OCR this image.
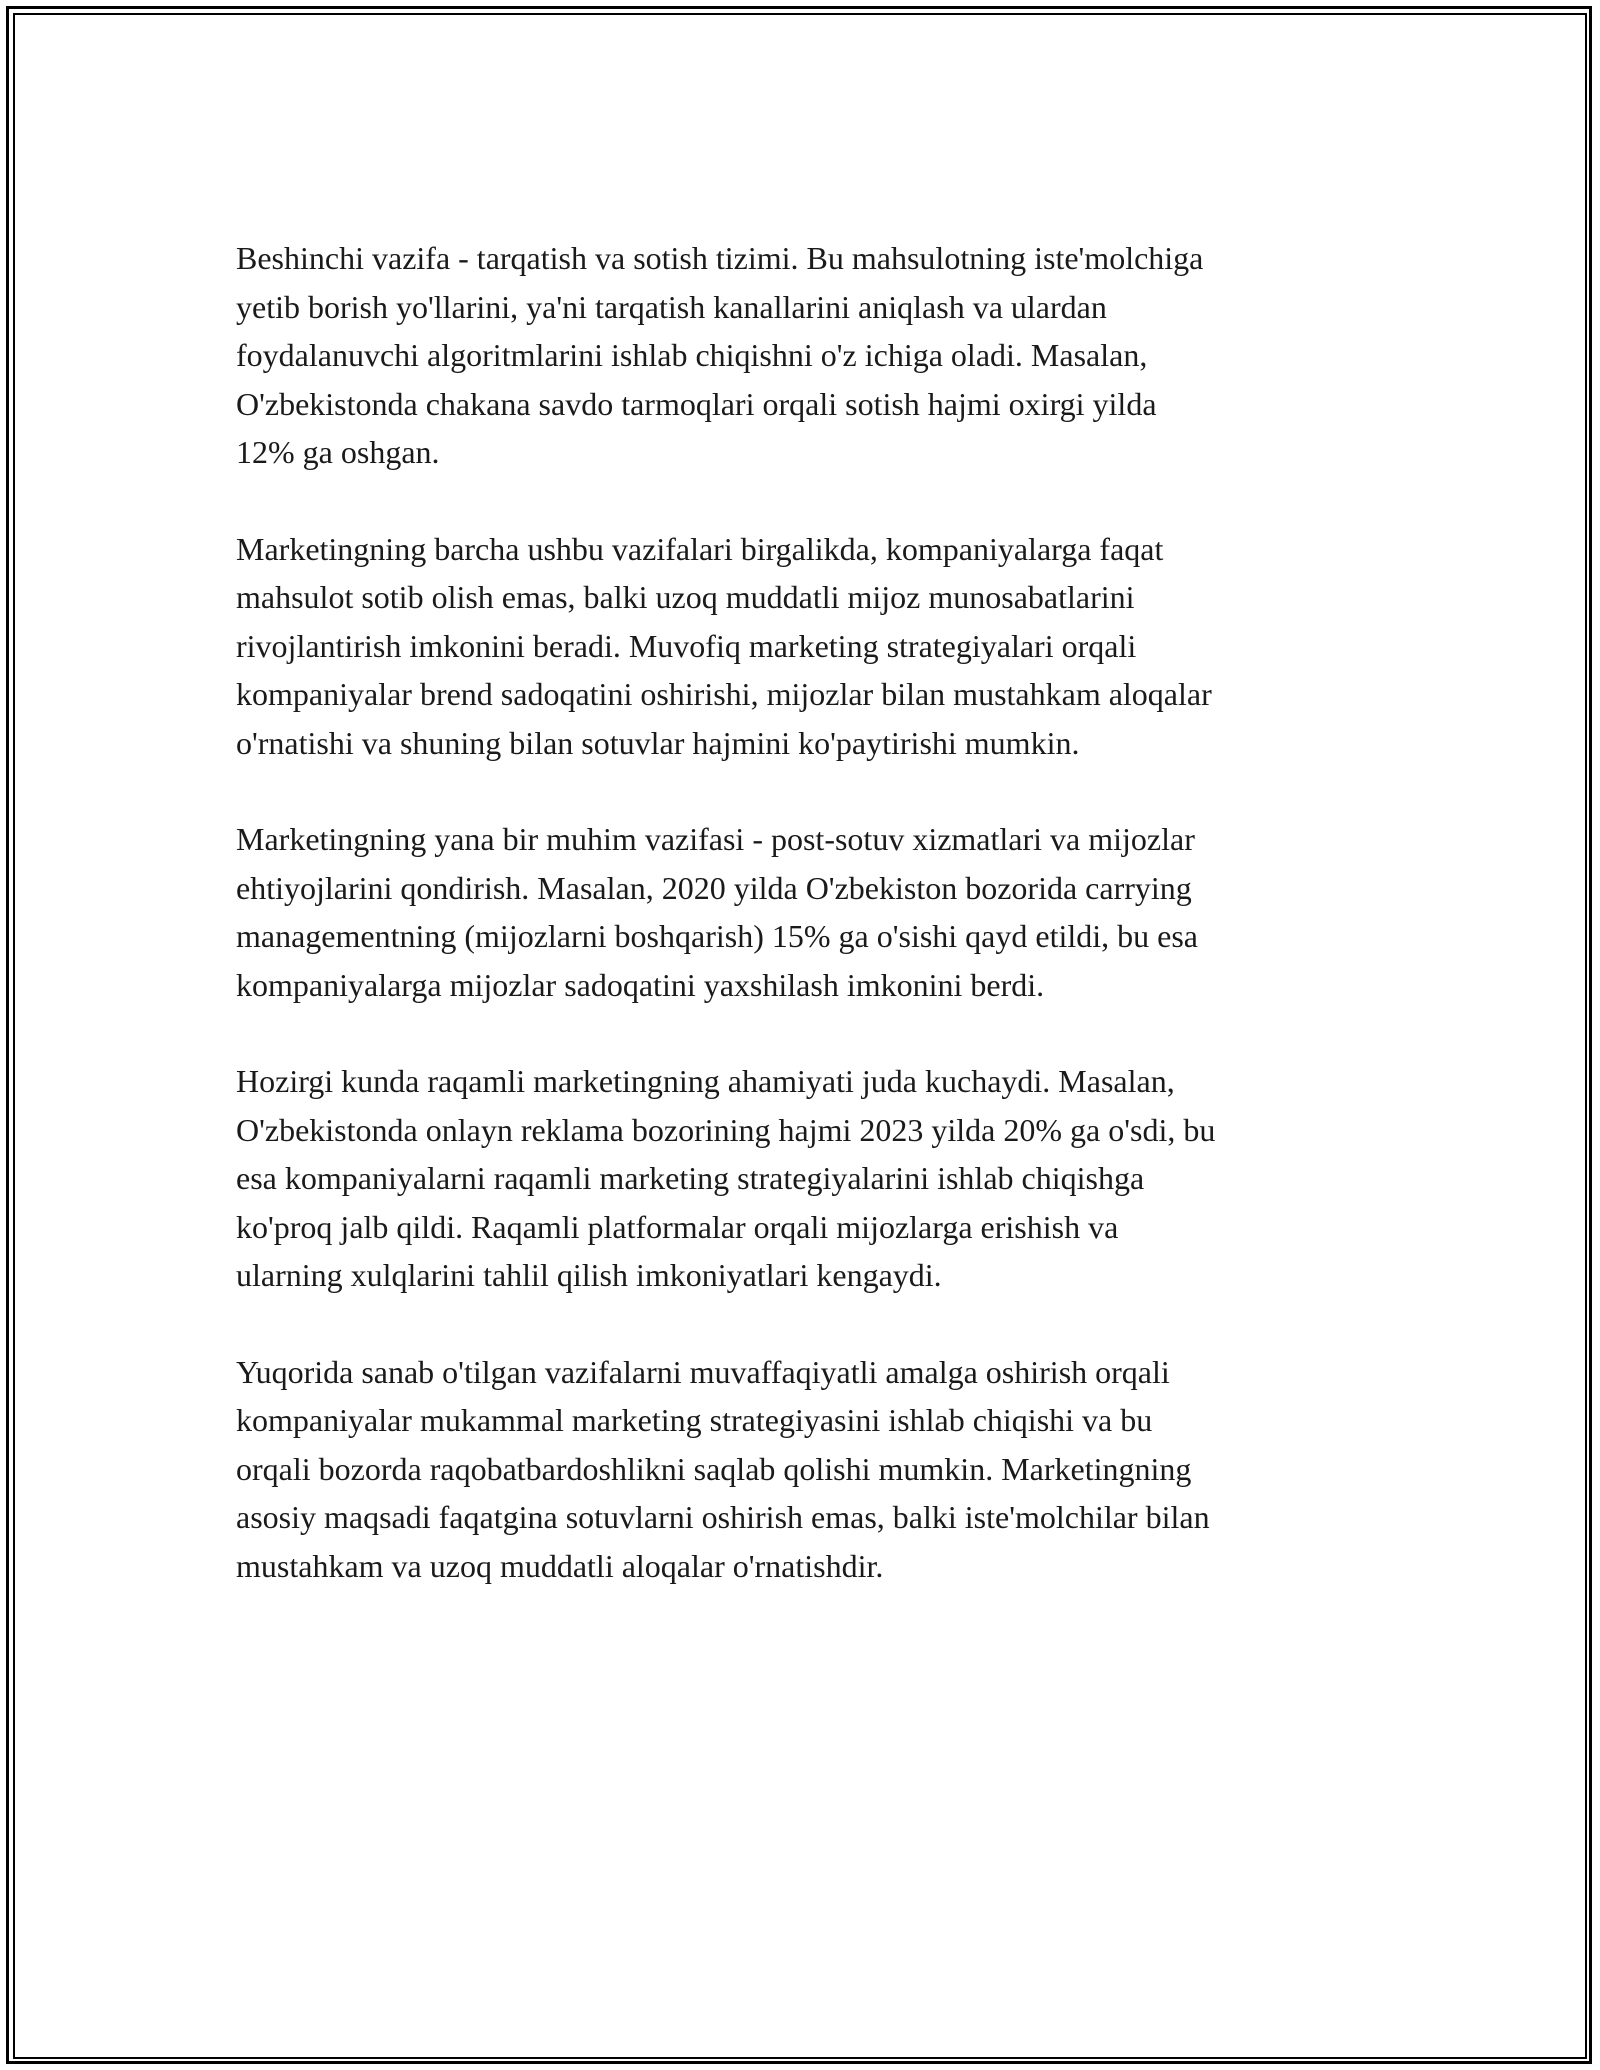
Beshinchi vazifa - tarqatish va sotish tizimi. Bu mahsulotning iste'molchiga
yetib borish yo'llarini, ya'ni tarqatish kanallarini aniqlash va ulardan
foydalanuvchi algoritmlarini ishlab chiqishni o'z ichiga oladi. Masalan,
O'zbekistonda chakana savdo tarmoqlari orqali sotish hajmi oxirgi yilda
12% ga oshgan.

Marketingning barcha ushbu vazifalari birgalikda, kompaniyalarga faqat
mahsulot sotib olish emas, balki uzoq muddatli mijoz munosabatlarini
rivojlantirish imkonini beradi. Muvofiq marketing strategiyalari orqali
kompaniyalar brend sadoqatini oshirishi, mijozlar bilan mustahkam aloqalar
o'rnatishi va shuning bilan sotuvlar hajmini ko'paytirishi mumkin.

Marketingning yana bir muhim vazifasi - post-sotuv xizmatlari va mijozlar
ehtiyojlarini qondirish. Masalan, 2020 yilda O'zbekiston bozorida carrying
managementning (mijozlarni boshqarish) 15% ga o'sishi qayd etildi, bu esa
kompaniyalarga mijozlar sadoqatini yaxshilash imkonini berdi.

Hozirgi kunda raqamli marketingning ahamiyati juda kuchaydi. Masalan,
O'zbekistonda onlayn reklama bozorining hajmi 2023 yilda 20% ga o'sdi, bu
esa kompaniyalarni raqamli marketing strategiyalarini ishlab chiqishga
ko'proq jalb qildi. Raqamli platformalar orqali mijozlarga erishish va
ularning xulqlarini tahlil qilish imkoniyatlari kengaydi.

Yuqorida sanab o'tilgan vazifalarni muvaffaqiyatli amalga oshirish orqali
kompaniyalar mukammal marketing strategiyasini ishlab chiqishi va bu
orqali bozorda raqobatbardoshlikni saqlab qolishi mumkin. Marketingning
asosiy maqsadi faqatgina sotuvlarni oshirish emas, balki iste'molchilar bilan
mustahkam va uzoq muddatli aloqalar o'rnatishdir.
